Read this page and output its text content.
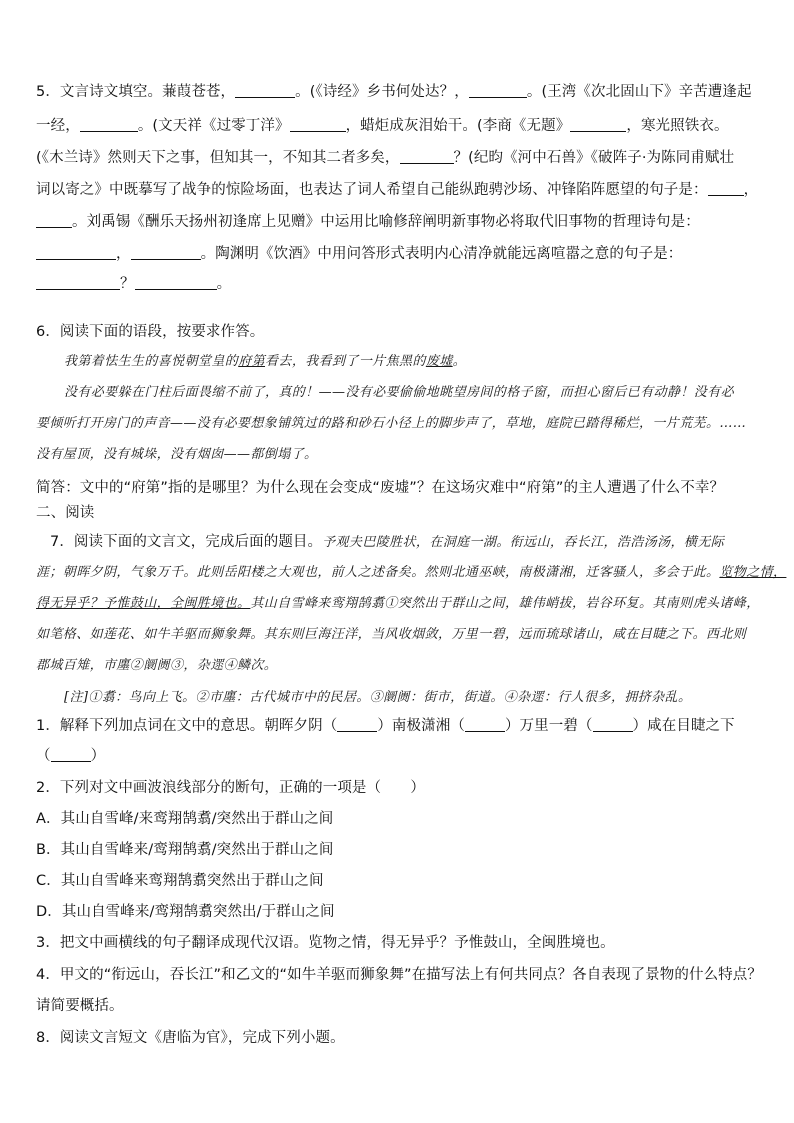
5．文言诗文填空。蒹葭苍苍，	。(《诗经》乡书何处达？，	。(王湾《次北固山下》辛苦遭逢起
一经，	。(文天祥《过零丁洋》	，蜡炬成灰泪始干。(李商《无题》	，寒光照铁衣。
(《木兰诗》然则天下之事，但知其一，不知其二者多矣，	？(纪昀《河中石兽》《破阵子·为陈同甫赋壮
词以寄之》中既摹写了战争的惊险场面，也表达了词人希望自己能纵跑骋沙场、冲锋陷阵愿望的句子是： ，
。刘禹锡《酬乐天扬州初逢席上见赠》中运用比喻修辞阐明新事物必将取代旧事物的哲理诗句是：
，	。陶渊明《饮酒》中用问答形式表明内心清净就能远离喧嚣之意的句子是：
？	。
6．阅读下面的语段，按要求作答。
我第着怯生生的喜悦朝堂皇的府第看去，我看到了一片焦黑的废墟。
没有必要躲在门柱后面畏缩不前了，真的！——没有必要偷偷地眺望房间的格子窗，而担心窗后已有动静！没有必
要倾听打开房门的声音——没有必要想象铺筑过的路和砂石小径上的脚步声了，草地，庭院已踏得稀烂，一片荒芜。……
没有屋顶，没有城垛，没有烟囱——都倒塌了。
简答：文中的“府第”指的是哪里？为什么现在会变成“废墟”？在这场灾难中“府第”的主人遭遇了什么不幸？
二、阅读
7．阅读下面的文言文，完成后面的题目。予观夫巴陵胜状，在洞庭一湖。衔远山，吞长江，浩浩汤汤，横无际
涯；朝晖夕阴，气象万千。此则岳阳楼之大观也，前人之述备矣。然则北通巫峡，南极潇湘，迁客骚人，多会于此。览物之情，
得无异乎？予惟鼓山，全闽胜境也。其山自雪峰来鸾翔鹄翥①突然出于群山之间，雄伟峭拔，岩谷环复。其南则虎头诸峰，
如笔格、如莲花、如牛羊驱而狮象舞。其东则巨海汪洋，当风收烟敛，万里一碧，远而琉球诸山，咸在目睫之下。西北则
郡城百雉，市廛②阛阓③，杂遝④鳞次。
[注]①翥：鸟向上飞。②市廛：古代城市中的民居。③阛阓：街市，街道。④杂遝：行人很多，拥挤杂乱。
1．解释下列加点词在文中的意思。朝晖夕阴（	）南极潇湘（	）万里一碧（	）咸在目睫之下
（	）
2．下列对文中画波浪线部分的断句，正确的一项是（　　）
A．其山自雪峰/来鸾翔鹄翥/突然出于群山之间
B．其山自雪峰来/鸾翔鹄翥/突然出于群山之间
C．其山自雪峰来鸾翔鹄翥突然出于群山之间
D．其山自雪峰来/鸾翔鹄翥突然出/于群山之间
3．把文中画横线的句子翻译成现代汉语。览物之情，得无异乎？予惟鼓山，全闽胜境也。
4．甲文的“衔远山，吞长江”和乙文的“如牛羊驱而狮象舞”在描写法上有何共同点？各自表现了景物的什么特点？
请简要概括。
8．阅读文言短文《唐临为官》，完成下列小题。
